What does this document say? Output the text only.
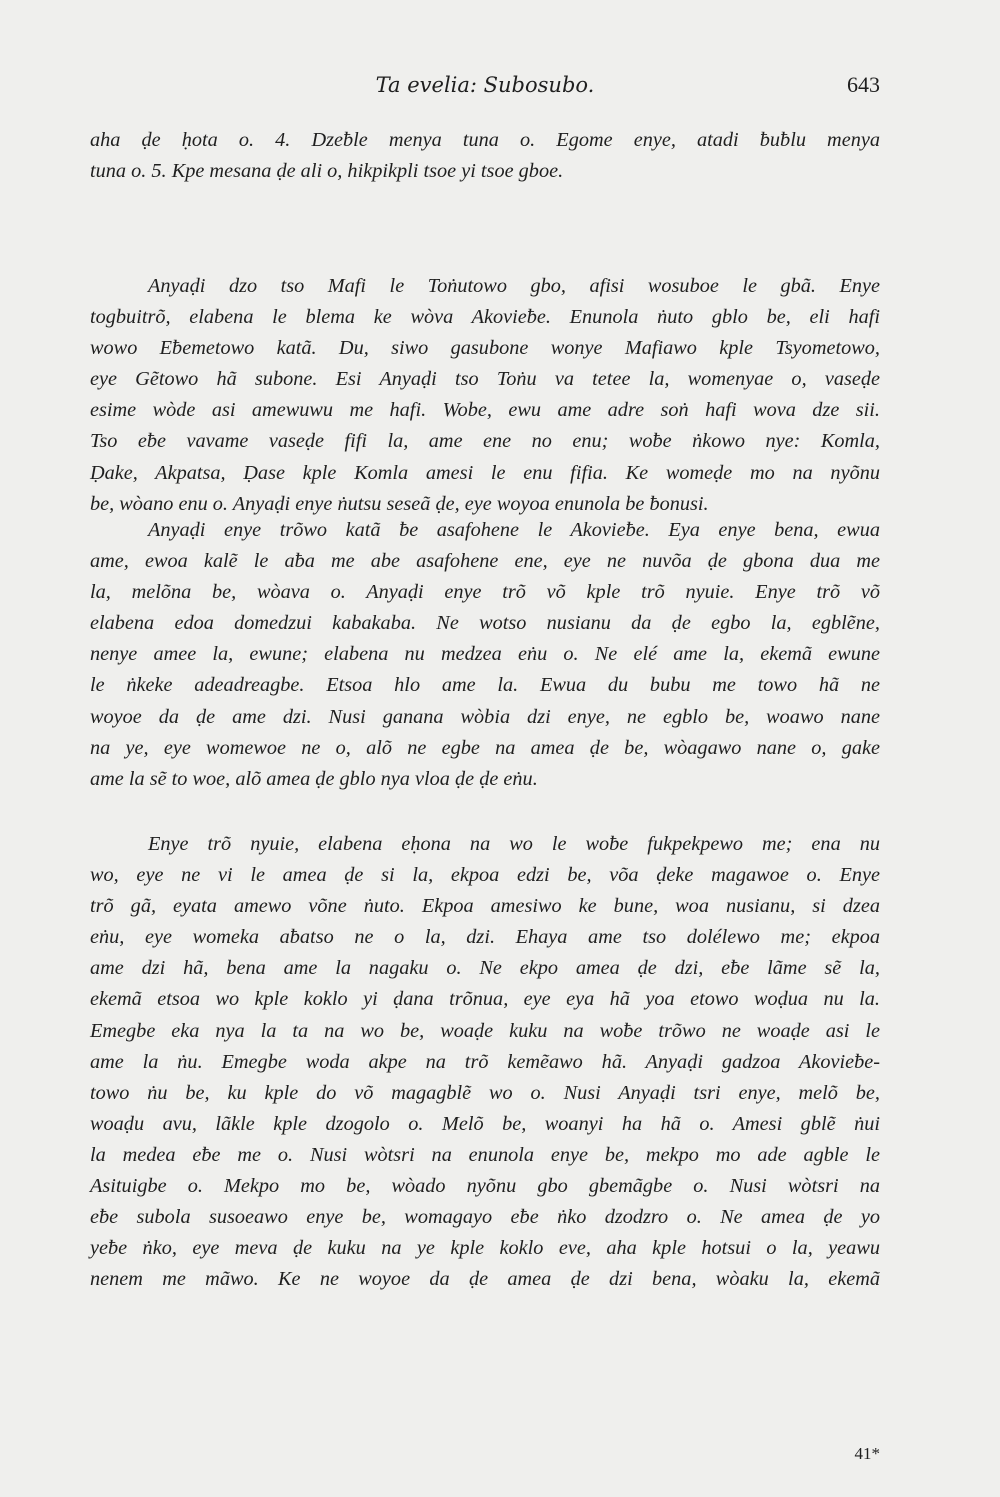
Ta evelia: Subosubo.	643

aha ḍe ḥota o. 4. Dzeƀle menya tuna o. Egome enye, atadi ƀuƀlu menya
tuna o. 5. Kpe mesana ḍe ali o, hikpikpli tsoe yi tsoe gboe.

Anyaḍi dzo tso Mafi le Toṅutowo gbo, afisi wosuboe le gbã. Enye
togbuitrõ, elabena le blema ke wòva Akovieƀe. Enunola ṅuto gblo be, eli hafi
wowo Eƀemetowo katã. Du, siwo gasubone wonye Mafiawo kple Tsyometowo,
eye Gẽtowo hã subone. Esi Anyaḍi tso Toṅu va tetee la, womenyae o, vaseḍe
esime wòde asi amewuwu me hafi. Wobe, ewu ame adre soṅ hafi wova dze sii.
Tso eƀe vavame vaseḍe fifi la, ame ene no enu; woƀe ṅkowo nye: Komla,
Ḍake, Akpatsa, Ḍase kple Komla amesi le enu fifia. Ke womeḍe mo na nyõnu
be, wòano enu o. Anyaḍi enye ṅutsu seseã ḍe, eye woyoa enunola be ƀonusi.

Anyaḍi enye trõwo katã ƀe asafohene le Akovieƀe. Eya enye bena, ewua
ame, ewoa kalẽ le aƀa me abe asafohene ene, eye ne nuvõa ḍe gbona dua me
la, melõna be, wòava o. Anyaḍi enye trõ võ kple trõ nyuie. Enye trõ võ
elabena edoa domedzui kabakaba. Ne wotso nusianu da ḍe egbo la, egblẽne,
nenye amee la, ewune; elabena nu medzea eṅu o. Ne elé ame la, ekemã ewune
le ṅkeke adeadreagbe. Etsoa hlo ame la. Ewua du bubu me towo hã ne
woyoe da ḍe ame dzi. Nusi ganana wòbia dzi enye, ne egblo be, woawo nane
na ye, eye womewoe ne o, alõ ne egbe na amea ḍe be, wòagawo nane o, gake
ame la sẽ to woe, alõ amea ḍe gblo nya vloa ḍe ḍe eṅu.

Enye trõ nyuie, elabena eḥona na wo le woƀe fukpekpewo me; ena nu
wo, eye ne vi le amea ḍe si la, ekpoa edzi be, võa ḍeke magawoe o. Enye
trõ gã, eyata amewo võne ṅuto. Ekpoa amesiwo ke bune, woa nusianu, si dzea
eṅu, eye womeka aƀatso ne o la, dzi. Ehaya ame tso dolélewo me; ekpoa
ame dzi hã, bena ame la nagaku o. Ne ekpo amea ḍe dzi, eƀe lãme sẽ la,
ekemã etsoa wo kple koklo yi ḍana trõnua, eye eya hã yoa etowo woḍua nu la.
Emegbe eka nya la ta na wo be, woaḍe kuku na woƀe trõwo ne woaḍe asi le
ame la ṅu. Emegbe woda akpe na trõ kemẽawo hã. Anyaḍi gadzoa Akovieƀe-
towo ṅu be, ku kple do võ magagblẽ wo o. Nusi Anyaḍi tsri enye, melõ be,
woaḍu avu, lãkle kple dzogolo o. Melõ be, woanyi ha hã o. Amesi gblẽ ṅui
la medea eƀe me o. Nusi wòtsri na enunola enye be, mekpo mo ade agble le
Asituigbe o. Mekpo mo be, wòado nyõnu gbo gbemãgbe o. Nusi wòtsri na
eƀe subola susoeawo enye be, womagayo eƀe ṅko dzodzro o. Ne amea ḍe yo
yeƀe ṅko, eye meva ḍe kuku na ye kple koklo eve, aha kple hotsui o la, yeawu
nenem me mãwo. Ke ne woyoe da ḍe amea ḍe dzi bena, wòaku la, ekemã

41*
